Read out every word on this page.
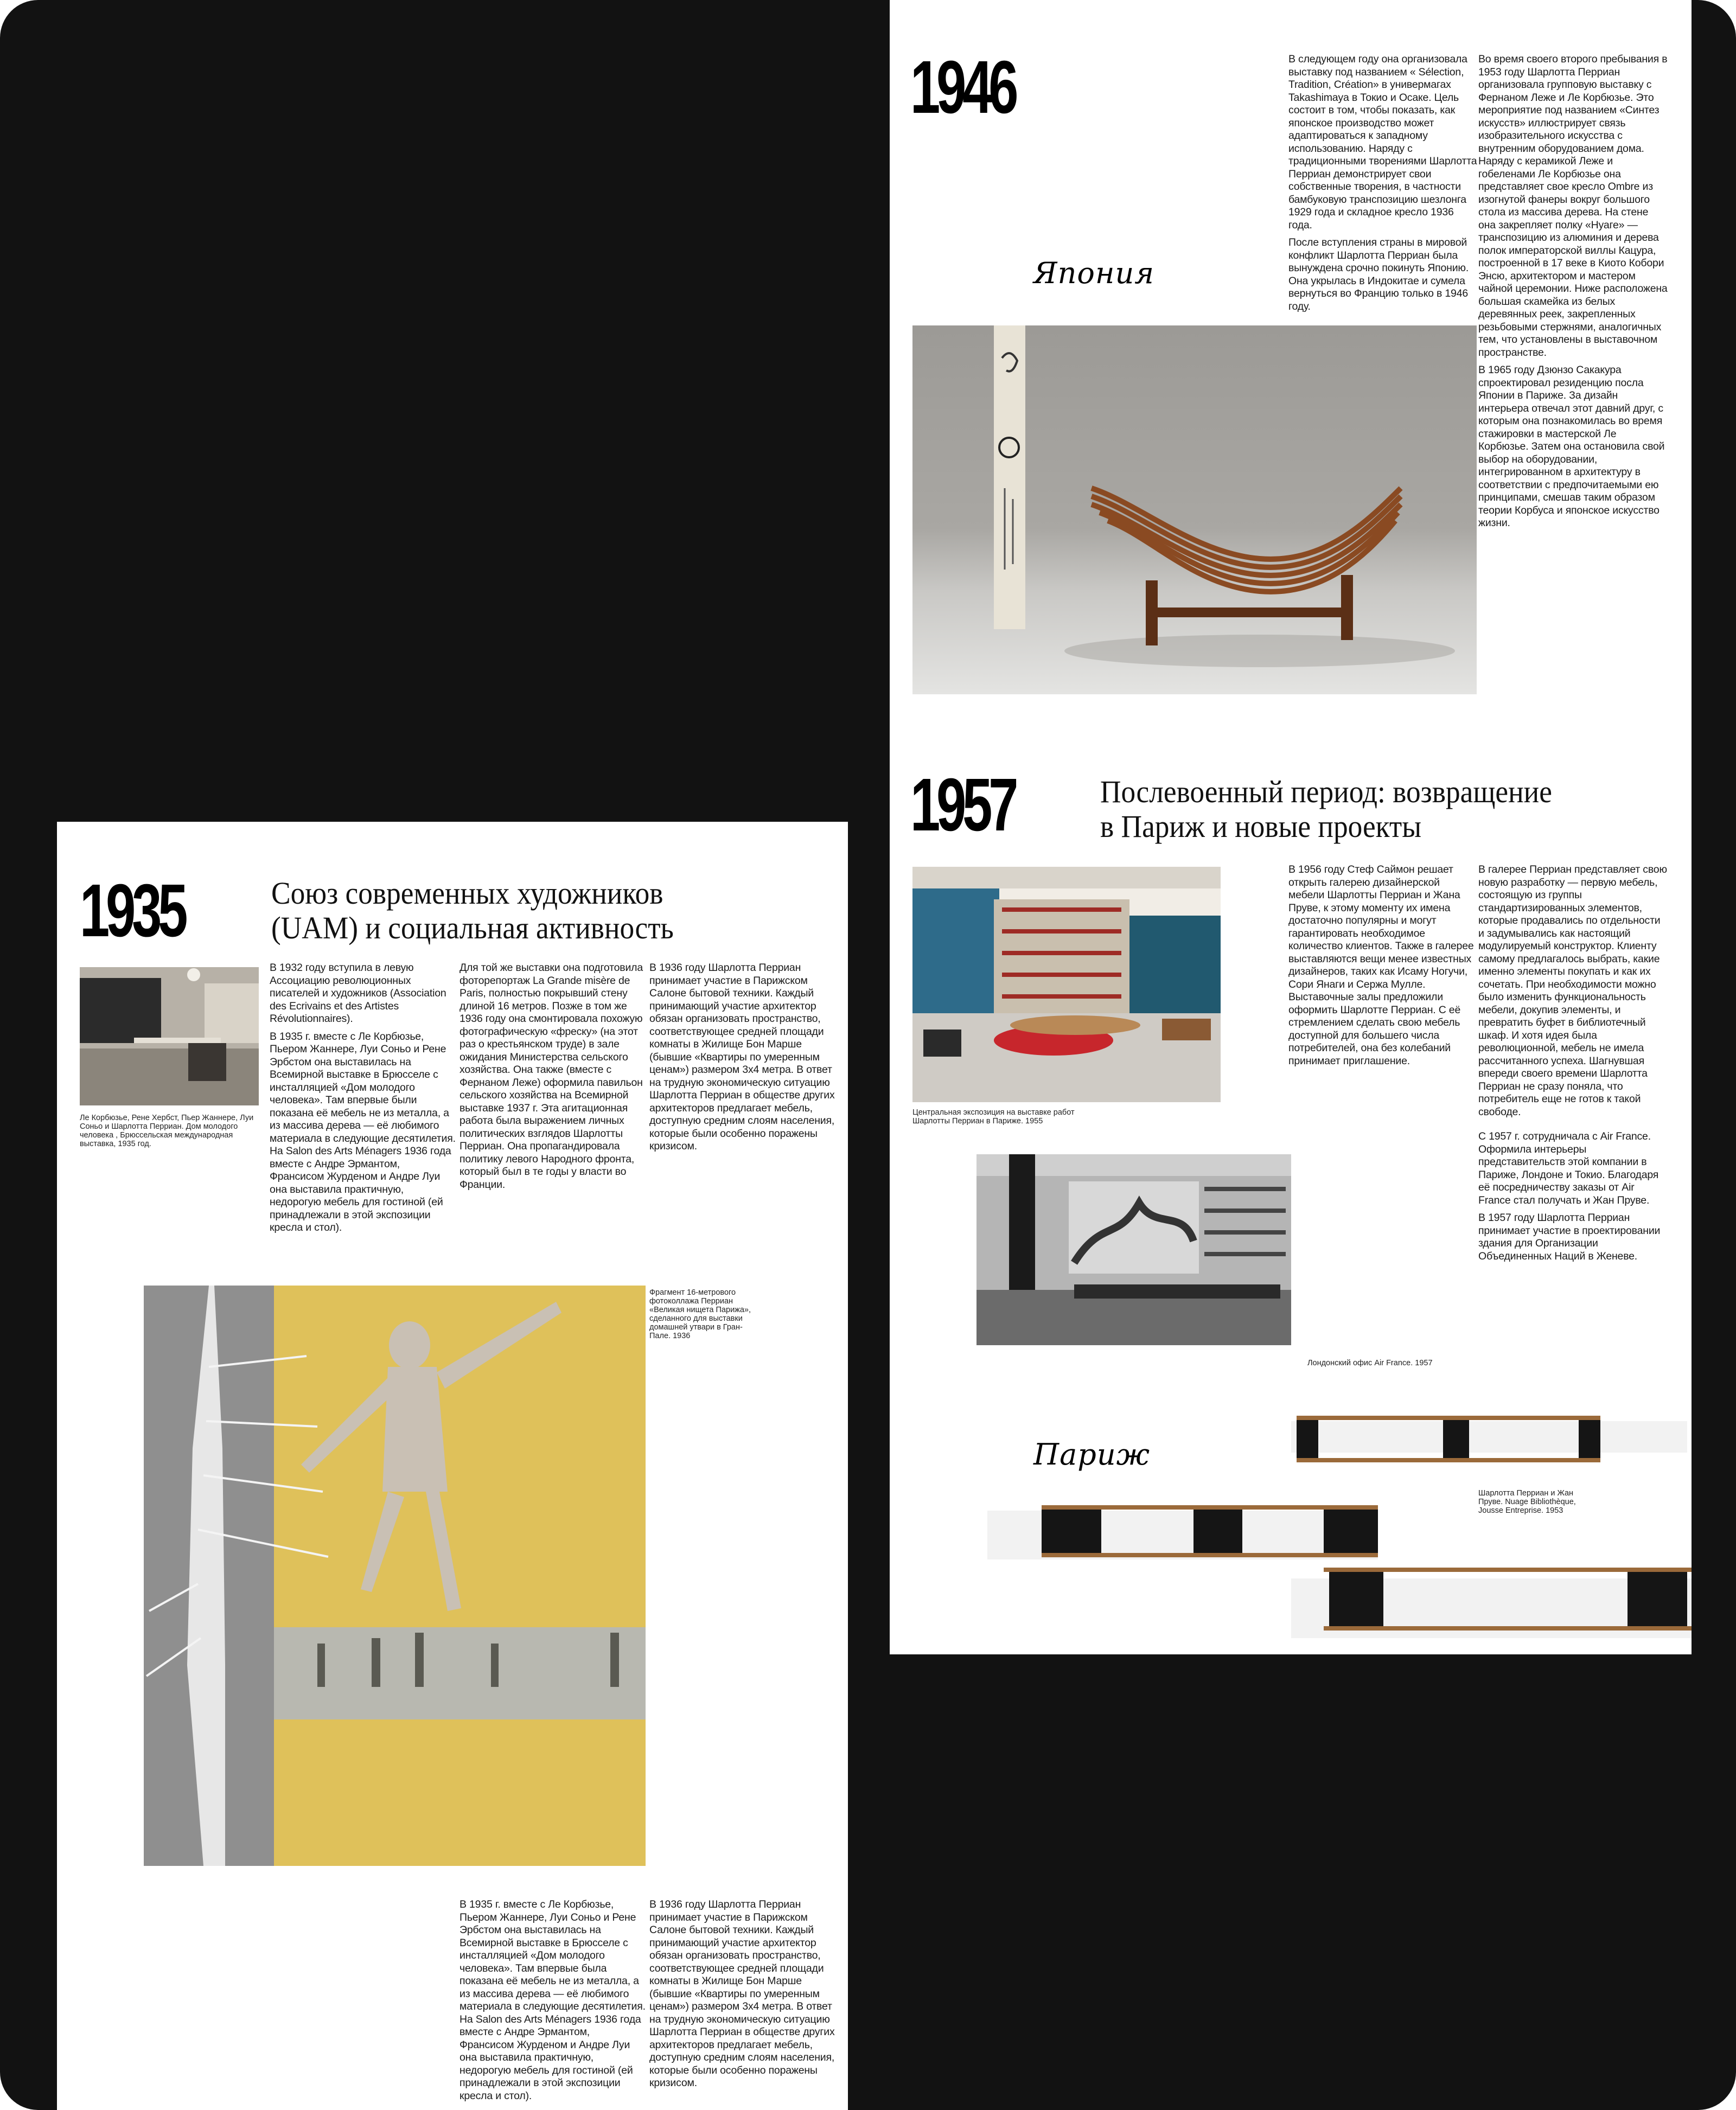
1946	В следующем году она организовала выставку под названием « Sélection, Tradition, Création» в универмагах Takashimaya в Токио и Осаке. Цель состоит в том, чтобы показать, как японское производство может адаптироваться к западному использованию. Наряду с традиционными творениями Шарлотта Перриан демонстрирует свои собственные творения, в частности бамбуковую транспозицию шезлонга 1929 года и складное кресло 1936 года.

После вступления страны в мировой конфликт Шарлотта Перриан была вынуждена срочно покинуть Японию. Она укрылась в Индокитае и сумела вернуться во Францию только в 1946 году.

Во время своего второго пребывания в 1953 году Шарлотта Перриан организовала групповую выставку с Фернаном Леже и Ле Корбюзье. Это мероприятие под названием «Синтез искусств» иллюстрирует связь изобразительного искусства с внутренним оборудованием дома. Наряду с керамикой Леже и гобеленами Ле Корбюзье она представляет свое кресло Ombre из изогнутой фанеры вокруг большого стола из массива дерева. На стене она закрепляет полку «Нуаге» — транспозицию из алюминия и дерева полок императорской виллы Кацура, построенной в 17 веке в Киото Кобори Энсю, архитектором и мастером чайной церемонии. Ниже расположена большая скамейка из белых деревянных реек, закрепленных резьбовыми стержнями, аналогичных тем, что установлены в выставочном пространстве.

В 1965 году Дзюнзо Сакакура спроектировал резиденцию посла Японии в Париже. За дизайн интерьера отвечал этот давний друг, с которым она познакомилась во время стажировки в мастерской Ле Корбюзье. Затем она остановила свой выбор на оборудовании, интегрированном в архитектуру в соответствии с предпочитаемыми ею принципами, смешав таким образом теории Корбуса и японское искусство жизни.

Япония
1957	Послевоенный период: возвращение
в Париж и новые проекты
Центральная экспозиция на выставке работ Шарлотты Перриан в Париже. 1955

В 1956 году Стеф Саймон решает открыть галерею дизайнерской мебели Шарлотты Перриан и Жана Пруве, к этому моменту их имена достаточно популярны и могут гарантировать необходимое количество клиентов. Также в галерее выставляются вещи менее известных дизайнеров, таких как Исаму Ногучи, Сори Янаги и Сержа Мулле. Выставочные залы предложили оформить Шарлотте Перриан. С её стремлением сделать свою мебель доступной для большего числа потребителей, она без колебаний принимает приглашение.

В галерее Перриан представляет свою новую разработку — первую мебель, состоящую из группы стандартизированных элементов, которые продавались по отдельности и задумывались как настоящий модулируемый конструктор. Клиенту самому предлагалось выбрать, какие именно элементы покупать и как их сочетать. При необходимости можно было изменить функциональность мебели, докупив элементы, и превратить буфет в библиотечный шкаф. И хотя идея была революционной, мебель не имела рассчитанного успеха. Шагнувшая впереди своего времени Шарлотта Перриан не сразу поняла, что потребитель еще не готов к такой свободе.

С 1957 г. сотрудничала с Air France. Оформила интерьеры представительств этой компании в Париже, Лондоне и Токио. Благодаря её посредничеству заказы от Air France стал получать и Жан Пруве.

В 1957 году Шарлотта Перриан принимает участие в проектировании здания для Организации Объединенных Наций в Женеве.

Лондонский офис Air France. 1957
Париж
Шарлотта Перриан и Жан Пруве. Nuage Bibliothèque, Jousse Entreprise. 1953
1935	Союз современных художников
(UAM) и социальная активность
Ле Корбюзье, Рене Хербст, Пьер Жаннере, Луи Соньо и Шарлотта Перриан. Дом молодого человека , Брюссельская международная выставка, 1935 год.

В 1932 году вступила в левую Ассоциацию революционных писателей и художников (Association des Ecrivains et des Artistes Révolutionnaires).

В 1935 г. вместе с Ле Корбюзье, Пьером Жаннере, Луи Соньо и Рене Эрбстом она выставилась на Всемирной выставке в Брюсселе с инсталляцией «Дом молодого человека». Там впервые были показана её мебель не из металла, а из массива дерева — её любимого материала в следующие десятилетия. На Salon des Arts Ménagers 1936 года вместе с Андре Эрмантом, Франсисом Журденом и Андре Луи она выставила практичную, недорогую мебель для гостиной (ей принадлежали в этой экспозиции кресла и стол).

Для той же выставки она подготовила фоторепортаж La Grande misère de Paris, полностью покрывший стену длиной 16 метров. Позже в том же 1936 году она смонтировала похожую фотографическую «фреску» (на этот раз о крестьянском труде) в зале ожидания Министерства сельского хозяйства. Она также (вместе с Фернаном Леже) оформила павильон сельского хозяйства на Всемирной выставке 1937 г. Эта агитационная работа была выражением личных политических взглядов Шарлотты Перриан. Она пропагандировала политику левого Народного фронта, который был в те годы у власти во Франции.

В 1936 году Шарлотта Перриан принимает участие в Парижском Салоне бытовой техники. Каждый принимающий участие архитектор обязан организовать пространство, соответствующее средней площади комнаты в Жилище Бон Марше (бывшие «Квартиры по умеренным ценам») размером 3x4 метра. В ответ на трудную экономическую ситуацию Шарлотта Перриан в обществе других архитекторов предлагает мебель, доступную средним слоям населения, которые были особенно поражены кризисом.

Фрагмент 16-метрового фотоколлажа Перриан «Великая нищета Парижа», сделанного для выставки домашней утвари в Гран-Пале. 1936

В 1935 г. вместе с Ле Корбюзье, Пьером Жаннере, Луи Соньо и Рене Эрбстом она выставилась на Всемирной выставке в Брюсселе с инсталляцией «Дом молодого человека». Там впервые была показана её мебель не из металла, а из массива дерева — её любимого материала в следующие десятилетия. На Salon des Arts Ménagers 1936 года вместе с Андре Эрмантом, Франсисом Журденом и Андре Луи она выставила практичную, недорогую мебель для гостиной (ей принадлежали в этой экспозиции кресла и стол).

В 1936 году Шарлотта Перриан принимает участие в Парижском Салоне бытовой техники. Каждый принимающий участие архитектор обязан организовать пространство, соответствующее средней площади комнаты в Жилище Бон Марше (бывшие «Квартиры по умеренным ценам») размером 3x4 метра. В ответ на трудную экономическую ситуацию Шарлотта Перриан в обществе других архитекторов предлагает мебель, доступную средним слоям населения, которые были особенно поражены кризисом.
